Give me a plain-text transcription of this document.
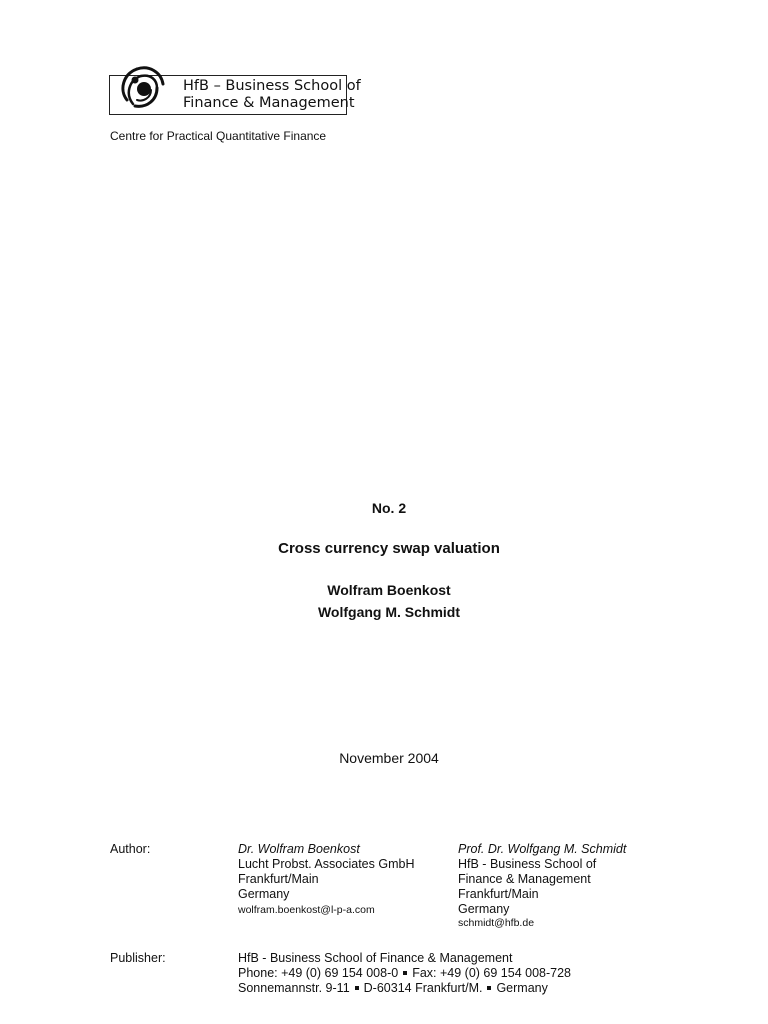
HfB – Business School of
Finance & Management
Centre for Practical Quantitative Finance
No. 2
Cross currency swap valuation
Wolfram Boenkost
Wolfgang M. Schmidt
November 2004
Author:	Dr. Wolfram Boenkost
Lucht Probst. Associates GmbH
Frankfurt/Main
Germany
wolfram.boenkost@l-p-a.com
Prof. Dr. Wolfgang M. Schmidt
HfB - Business School of
Finance & Management
Frankfurt/Main
Germany
schmidt@hfb.de
Publisher:	HfB - Business School of Finance & Management
Phone: +49 (0) 69 154 008-0 Fax: +49 (0) 69 154 008-728
Sonnemannstr. 9-11 D-60314 Frankfurt/M. Germany
